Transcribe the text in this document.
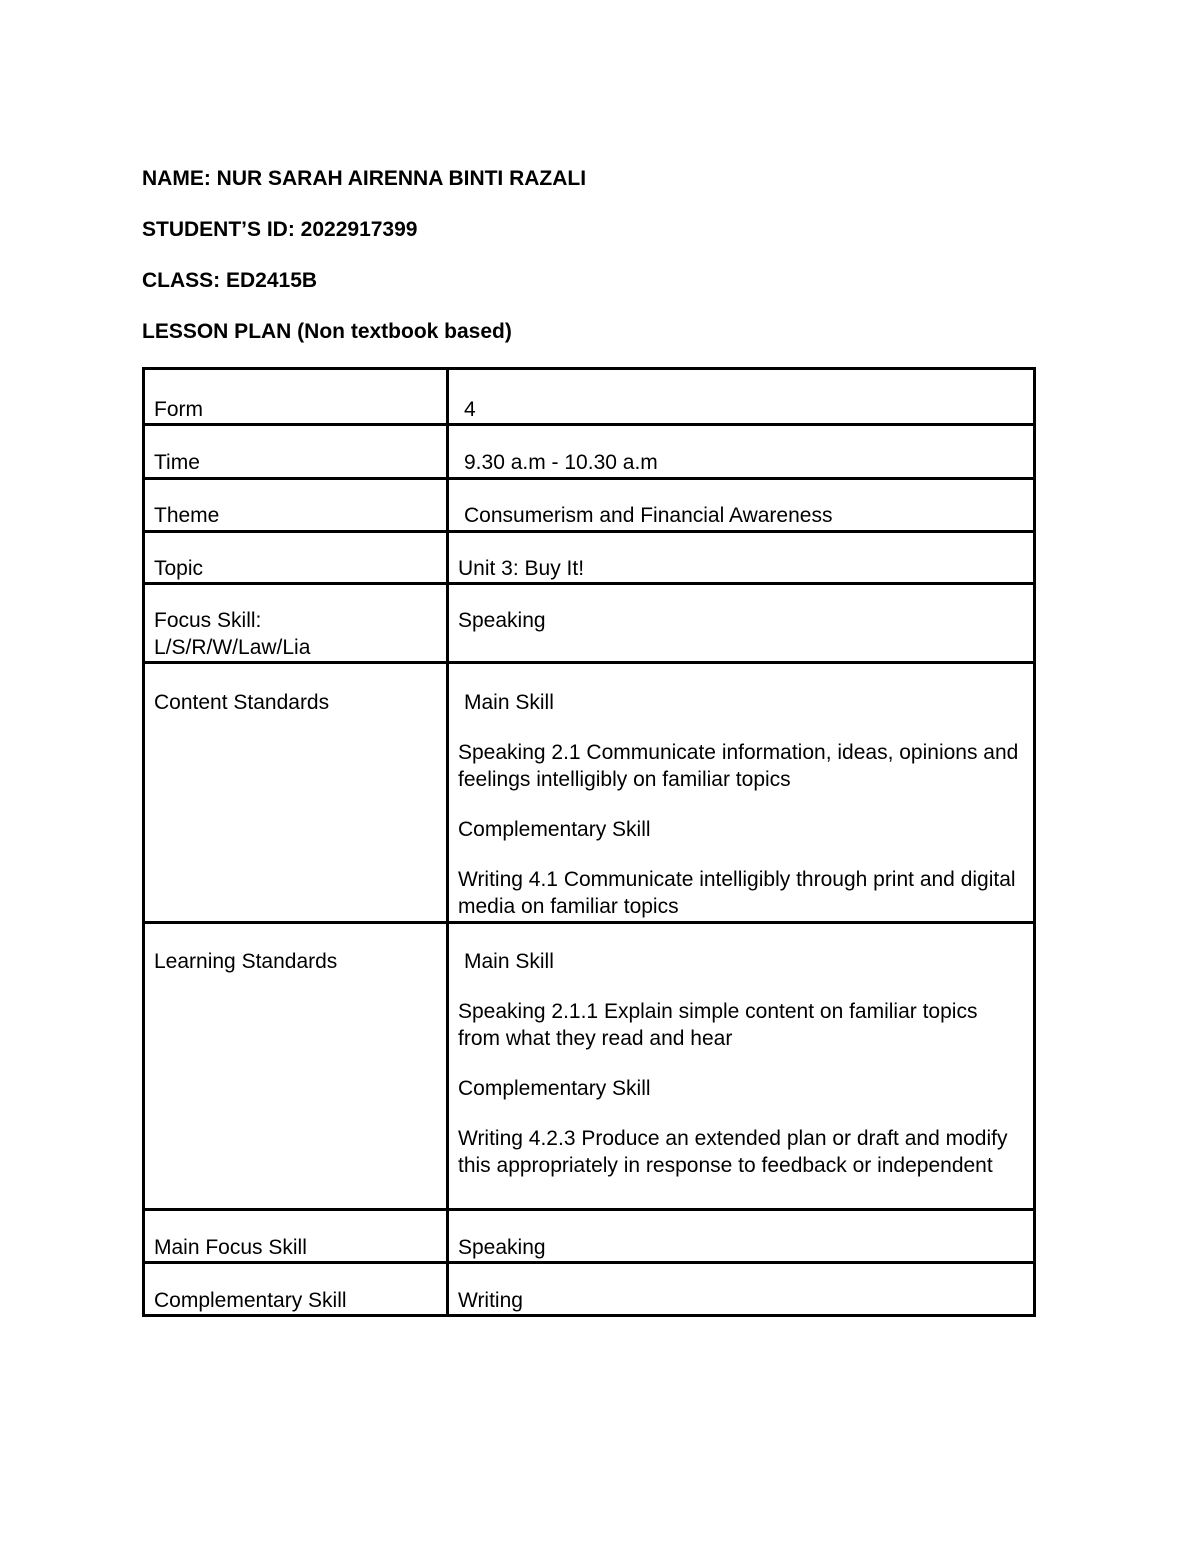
NAME: NUR SARAH AIRENNA BINTI RAZALI
STUDENT’S ID: 2022917399
CLASS: ED2415B
LESSON PLAN (Non textbook based)
Form	4

Time	9.30 a.m - 10.30 a.m

Theme	Consumerism and Financial Awareness

Topic	Unit 3: Buy It!

Focus Skill:
L/S/R/W/Law/Lia	Speaking
Content Standards	Main Skill
Speaking 2.1 Communicate information, ideas, opinions and feelings intelligibly on familiar topics
Complementary Skill
Writing 4.1 Communicate intelligibly through print and digital media on familiar topics

Learning Standards	Main Skill
Speaking 2.1.1 Explain simple content on familiar topics from what they read and hear
Complementary Skill
Writing 4.2.3 Produce an extended plan or draft and modify this appropriately in response to feedback or independent

Main Focus Skill	Speaking
Complementary Skill	Writing
